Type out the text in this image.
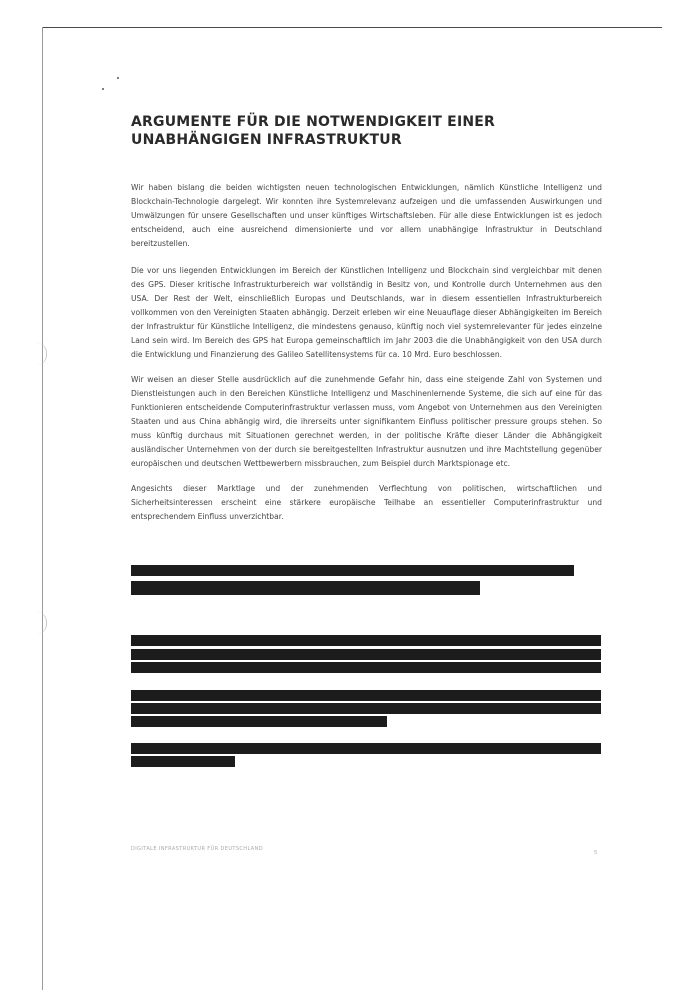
ARGUMENTE FÜR DIE NOTWENDIGKEIT EINER UNABHÄNGIGEN INFRASTRUKTUR

Wir haben bislang die beiden wichtigsten neuen technologischen Entwicklungen, nämlich Künstliche Intelligenz und Blockchain-Technologie dargelegt. Wir konnten ihre Systemrelevanz aufzeigen und die umfassenden Auswirkungen und Umwälzungen für unsere Gesellschaften und unser künftiges Wirtschaftsleben. Für alle diese Entwicklungen ist es jedoch entscheidend, auch eine ausreichend dimensionierte und vor allem unabhängige Infrastruktur in Deutschland bereitzustellen.

Die vor uns liegenden Entwicklungen im Bereich der Künstlichen Intelligenz und Blockchain sind vergleichbar mit denen des GPS. Dieser kritische Infrastrukturbereich war vollständig in Besitz von, und Kontrolle durch Unternehmen aus den USA. Der Rest der Welt, einschließlich Europas und Deutschlands, war in diesem essentiellen Infrastrukturbereich vollkommen von den Vereinigten Staaten abhängig. Derzeit erleben wir eine Neuauflage dieser Abhängigkeiten im Bereich der Infrastruktur für Künstliche Intelligenz, die mindestens genauso, künftig noch viel systemrelevanter für jedes einzelne Land sein wird. Im Bereich des GPS hat Europa gemeinschaftlich im Jahr 2003 die die Unabhängigkeit von den USA durch die Entwicklung und Finanzierung des Galileo Satellitensystems für ca. 10 Mrd. Euro beschlossen.

Wir weisen an dieser Stelle ausdrücklich auf die zunehmende Gefahr hin, dass eine steigende Zahl von Systemen und Dienstleistungen auch in den Bereichen Künstliche Intelligenz und Maschinenlernende Systeme, die sich auf eine für das Funktionieren entscheidende Computerinfrastruktur verlassen muss, vom Angebot von Unternehmen aus den Vereinigten Staaten und aus China abhängig wird, die ihrerseits unter signifikantem Einfluss politischer pressure groups stehen. So muss künftig durchaus mit Situationen gerechnet werden, in der politische Kräfte dieser Länder die Abhängigkeit ausländischer Unternehmen von der durch sie bereitgestellten Infrastruktur ausnutzen und ihre Machtstellung gegenüber europäischen und deutschen Wettbewerbern missbrauchen, zum Beispiel durch Marktspionage etc.

Angesichts dieser Marktlage und der zunehmenden Verflechtung von politischen, wirtschaftlichen und Sicherheitsinteressen erscheint eine stärkere europäische Teilhabe an essentieller Computerinfrastruktur und entsprechendem Einfluss unverzichtbar.

DIGITALE INFRASTRUKTUR FÜR DEUTSCHLAND
5
